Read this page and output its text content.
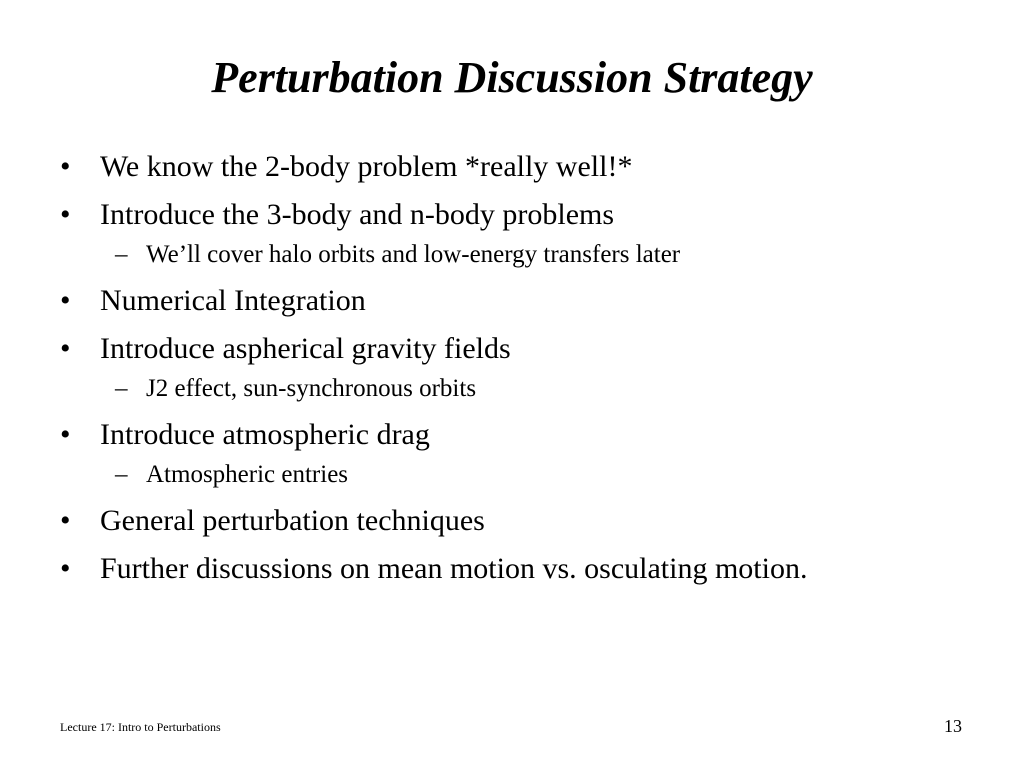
Perturbation Discussion Strategy
• We know the 2-body problem *really well!*
• Introduce the 3-body and n-body problems
– We’ll cover halo orbits and low-energy transfers later
• Numerical Integration
• Introduce aspherical gravity fields
– J2 effect, sun-synchronous orbits
• Introduce atmospheric drag
– Atmospheric entries
• General perturbation techniques
• Further discussions on mean motion vs. osculating motion.
Lecture 17: Intro to Perturbations	13
